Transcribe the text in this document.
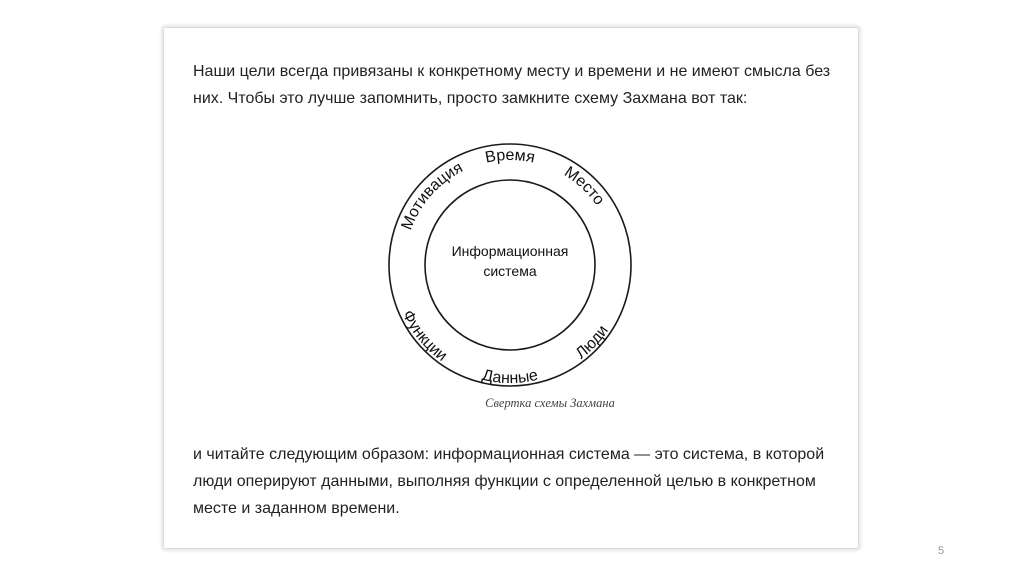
Наши цели всегда привязаны к конкретному месту и времени и не имеют смысла без них. Чтобы это лучше запомнить, просто замкните схему Захмана вот так:

Время
Место
Мотивация
Функции
Данные
Люди
Информационная
система
Свертка схемы Захмана

и читайте следующим образом: информационная система — это система, в которой люди оперируют данными, выполняя функции с определенной целью в конкретном месте и заданном времени.

5
